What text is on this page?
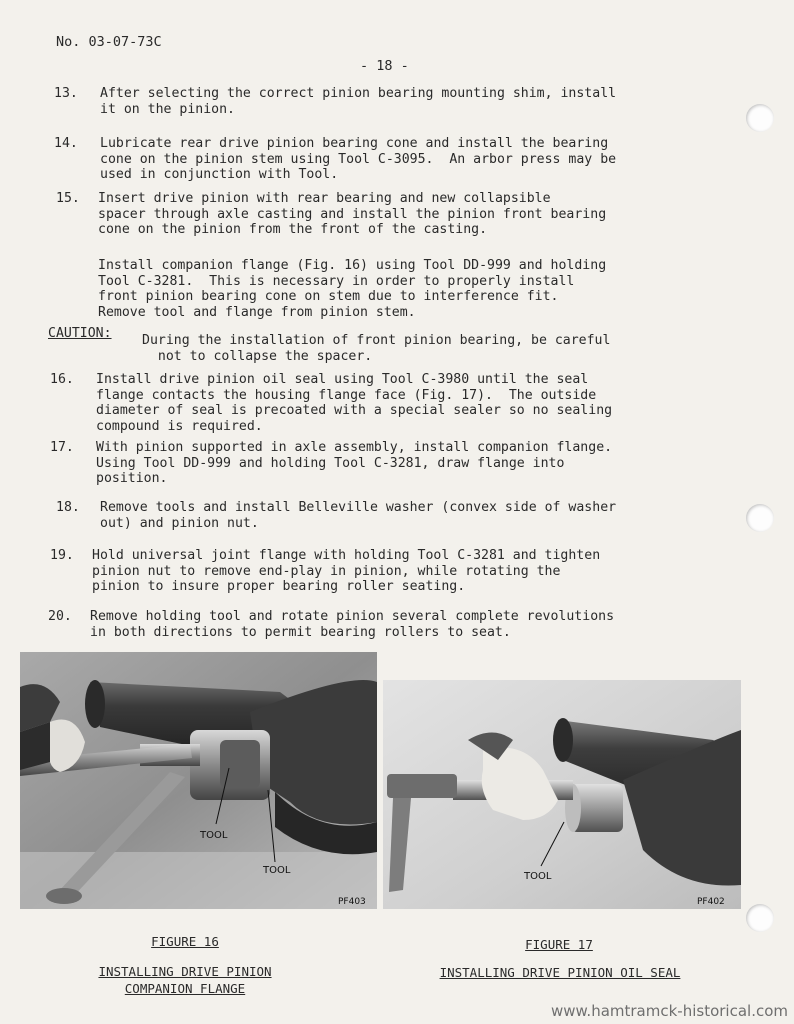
No. 03-07-73C
- 18 -
13. After selecting the correct pinion bearing mounting shim, install
it on the pinion.
14. Lubricate rear drive pinion bearing cone and install the bearing
cone on the pinion stem using Tool C-3095.  An arbor press may be
used in conjunction with Tool.
15. Insert drive pinion with rear bearing and new collapsible
spacer through axle casting and install the pinion front bearing
cone on the pinion from the front of the casting.
Install companion flange (Fig. 16) using Tool DD-999 and holding
Tool C-3281.  This is necessary in order to properly install
front pinion bearing cone on stem due to interference fit.
Remove tool and flange from pinion stem.
CAUTION: During the installation of front pinion bearing, be careful
not to collapse the spacer.
16. Install drive pinion oil seal using Tool C-3980 until the seal
flange contacts the housing flange face (Fig. 17).  The outside
diameter of seal is precoated with a special sealer so no sealing
compound is required.
17. With pinion supported in axle assembly, install companion flange.
Using Tool DD-999 and holding Tool C-3281, draw flange into
position.
18. Remove tools and install Belleville washer (convex side of washer
out) and pinion nut.
19. Hold universal joint flange with holding Tool C-3281 and tighten
pinion nut to remove end-play in pinion, while rotating the
pinion to insure proper bearing roller seating.
20. Remove holding tool and rotate pinion several complete revolutions
in both directions to permit bearing rollers to seat.
TOOL
TOOL
PF403
TOOL
PF402
FIGURE 16
INSTALLING DRIVE PINION
COMPANION FLANGE
FIGURE 17
INSTALLING DRIVE PINION OIL SEAL
www.hamtramck-historical.com
